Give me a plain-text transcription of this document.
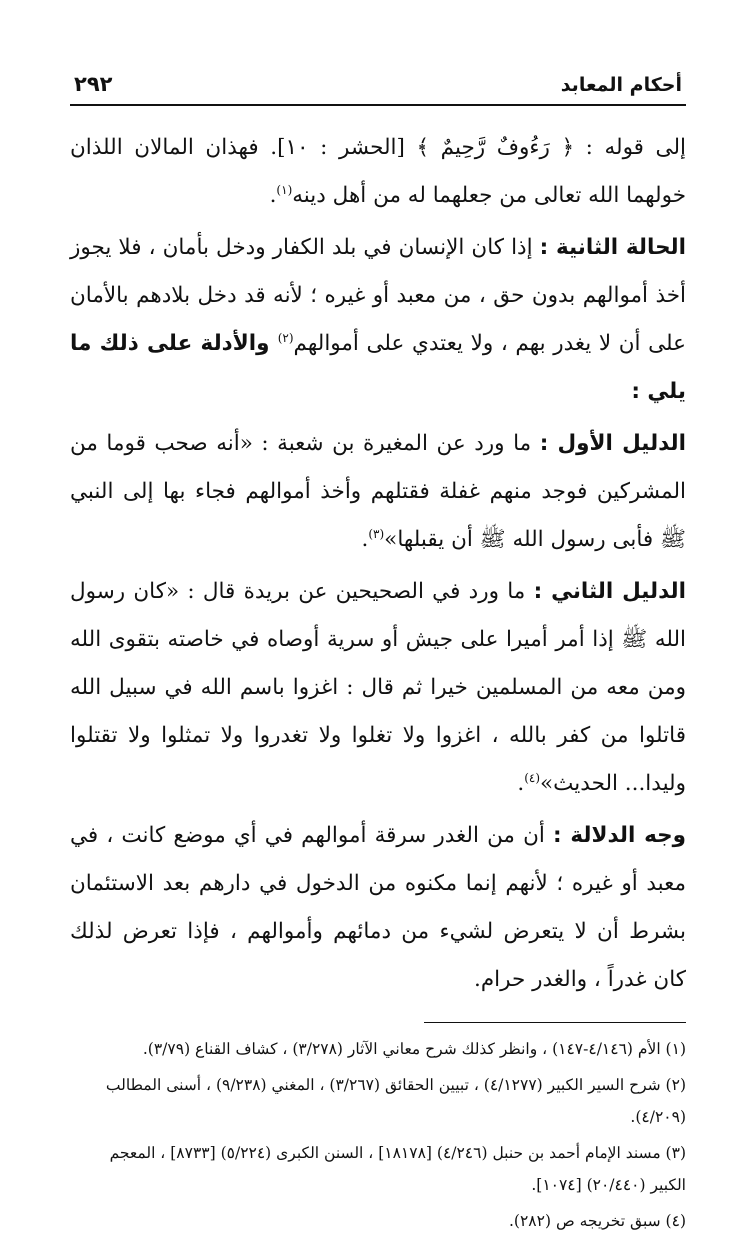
أحكام المعابد
٢٩٢

إلى قوله : ﴿ رَءُوفٌ رَّحِيمٌ ﴾ [الحشر : ١٠]. فهذان المالان اللذان خولهما الله تعالى من جعلهما له من أهل دينه$^{(١)}$.

الحالة الثانية : إذا كان الإنسان في بلد الكفار ودخل بأمان ، فلا يجوز أخذ أموالهم بدون حق ، من معبد أو غيره ؛ لأنه قد دخل بلادهم بالأمان على أن لا يغدر بهم ، ولا يعتدي على أموالهم$^{(٢)}$ والأدلة على ذلك ما يلي :

الدليل الأول : ما ورد عن المغيرة بن شعبة : «أنه صحب قوما من المشركين فوجد منهم غفلة فقتلهم وأخذ أموالهم فجاء بها إلى النبي ﷺ فأبى رسول الله ﷺ أن يقبلها»$^{(٣)}$.

الدليل الثاني : ما ورد في الصحيحين عن بريدة قال : «كان رسول الله ﷺ إذا أمر أميرا على جيش أو سرية أوصاه في خاصته بتقوى الله ومن معه من المسلمين خيرا ثم قال : اغزوا باسم الله في سبيل الله قاتلوا من كفر بالله ، اغزوا ولا تغلوا ولا تغدروا ولا تمثلوا ولا تقتلوا وليدا... الحديث»$^{(٤)}$.

وجه الدلالة : أن من الغدر سرقة أموالهم في أي موضع كانت ، في معبد أو غيره ؛ لأنهم إنما مكنوه من الدخول في دارهم بعد الاستئمان بشرط أن لا يتعرض لشيء من دمائهم وأموالهم ، فإذا تعرض لذلك كان غدراً ، والغدر حرام.

(١) الأم (٤/١٤٦-١٤٧) ، وانظر كذلك شرح معاني الآثار (٣/٢٧٨) ، كشاف القناع (٣/٧٩).

(٢) شرح السير الكبير (٤/١٢٧٧) ، تبيين الحقائق (٣/٢٦٧) ، المغني (٩/٢٣٨) ، أسنى المطالب (٤/٢٠٩).

(٣) مسند الإمام أحمد بن حنبل (٤/٢٤٦) [١٨١٧٨] ، السنن الكبرى (٥/٢٢٤) [٨٧٣٣] ، المعجم الكبير (٢٠/٤٤٠) [١٠٧٤].

(٤) سبق تخريجه ص (٢٨٢).
